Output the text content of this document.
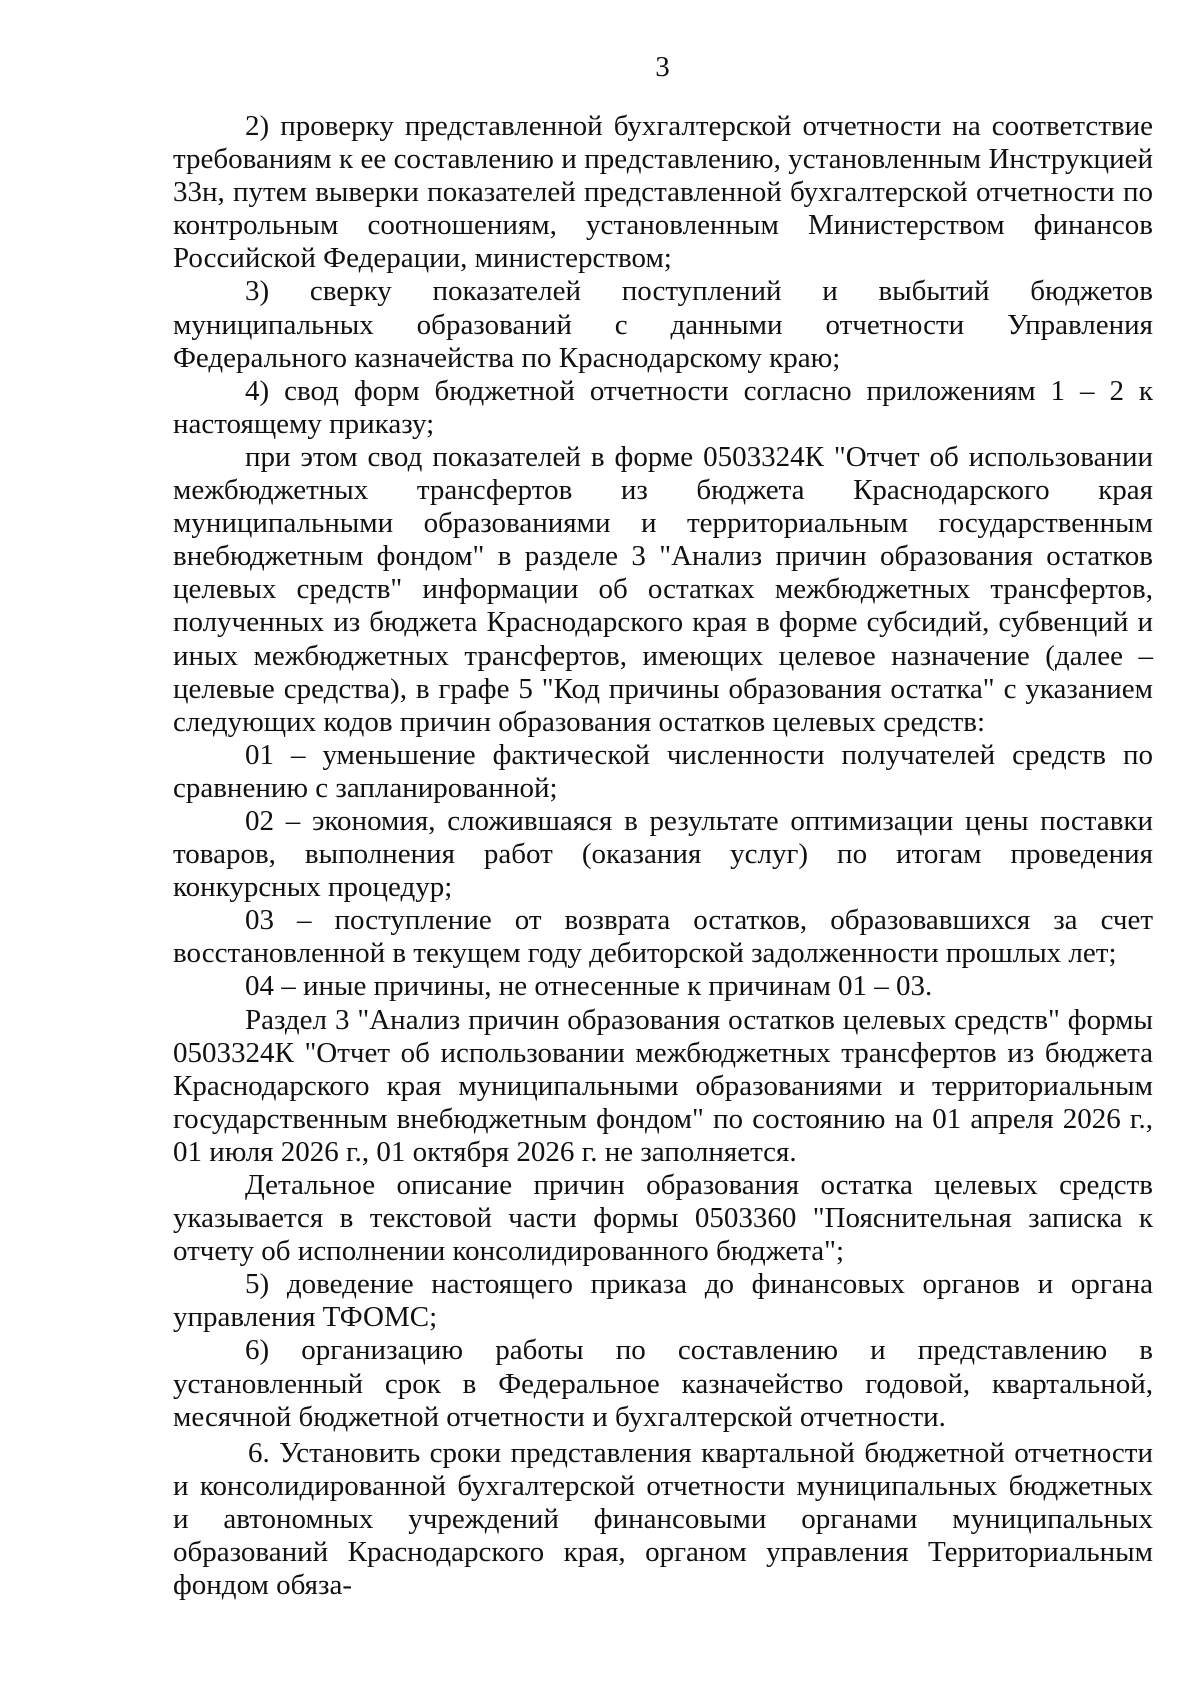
3

2) проверку представленной бухгалтерской отчетности на соответствие требованиям к ее составлению и представлению, установленным Инструкцией 33н, путем выверки показателей представленной бухгалтерской отчетности по контрольным соотношениям, установленным Министерством финансов Российской Федерации, министерством;

3) сверку показателей поступлений и выбытий бюджетов муниципальных образований с данными отчетности Управления Федерального казначейства по Краснодарскому краю;

4) свод форм бюджетной отчетности согласно приложениям 1 – 2 к настоящему приказу;

при этом свод показателей в форме 0503324К "Отчет об использовании межбюджетных трансфертов из бюджета Краснодарского края муниципальными образованиями и территориальным государственным внебюджетным фондом" в разделе 3 "Анализ причин образования остатков целевых средств" информации об остатках межбюджетных трансфертов, полученных из бюджета Краснодарского края в форме субсидий, субвенций и иных межбюджетных трансфертов, имеющих целевое назначение (далее – целевые средства), в графе 5 "Код причины образования остатка" с указанием следующих кодов причин образования остатков целевых средств:

01 – уменьшение фактической численности получателей средств по сравнению с запланированной;

02 – экономия, сложившаяся в результате оптимизации цены поставки товаров, выполнения работ (оказания услуг) по итогам проведения конкурсных процедур;

03 – поступление от возврата остатков, образовавшихся за счет восстановленной в текущем году дебиторской задолженности прошлых лет;

04 – иные причины, не отнесенные к причинам 01 – 03.

Раздел 3 "Анализ причин образования остатков целевых средств" формы 0503324К "Отчет об использовании межбюджетных трансфертов из бюджета Краснодарского края муниципальными образованиями и территориальным государственным внебюджетным фондом" по состоянию на 01 апреля 2026 г., 01 июля 2026 г., 01 октября 2026 г. не заполняется.

Детальное описание причин образования остатка целевых средств указывается в текстовой части формы 0503360 "Пояснительная записка к отчету об исполнении консолидированного бюджета";

5) доведение настоящего приказа до финансовых органов и органа управления ТФОМС;

6) организацию работы по составлению и представлению в установленный срок в Федеральное казначейство годовой, квартальной, месячной бюджетной отчетности и бухгалтерской отчетности.

6. Установить сроки представления квартальной бюджетной отчетности и консолидированной бухгалтерской отчетности муниципальных бюджетных и автономных учреждений финансовыми органами муниципальных образований Краснодарского края, органом управления Территориальным фондом обяза-
